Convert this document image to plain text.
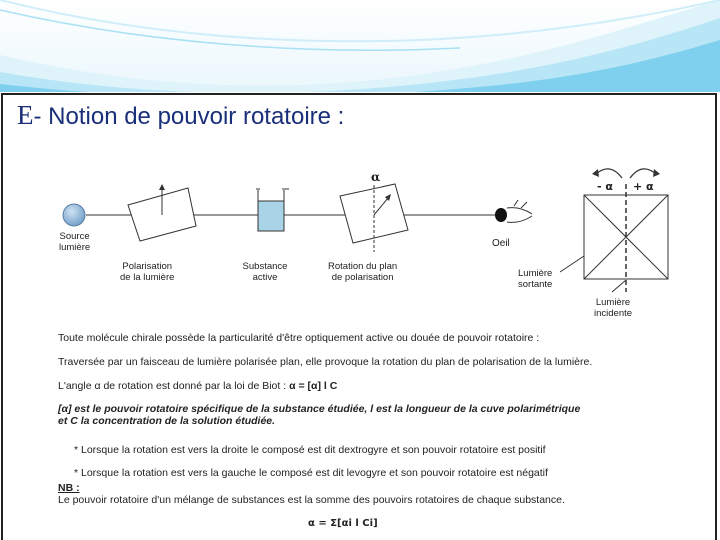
E- Notion de pouvoir rotatoire :
Source
lumière
Polarisation
de la lumière
Substance
active
Rotation du plan
de polarisation
Oeil
α
- α + α
Lumière
sortante
Lumière
incidente
Toute molécule chirale possède la particularité d'être optiquement active ou douée de pouvoir rotatoire :
Traversée par un faisceau de lumière polarisée plan, elle provoque la rotation du plan de polarisation de la lumière.
L'angle α de rotation est donné par la loi de Biot : α = [α] l C
[α] est le pouvoir rotatoire spécifique de la substance étudiée, l est la longueur de la cuve polarimétrique
et C la concentration de la solution étudiée.
* Lorsque la rotation est vers la droite le composé est dit dextrogyre et son pouvoir rotatoire est positif
* Lorsque la rotation est vers la gauche le composé est dit levogyre et son pouvoir rotatoire est négatif
NB :
Le pouvoir rotatoire d'un mélange de substances est la somme des pouvoirs rotatoires de chaque substance.
α = Σ[αi l Ci]
